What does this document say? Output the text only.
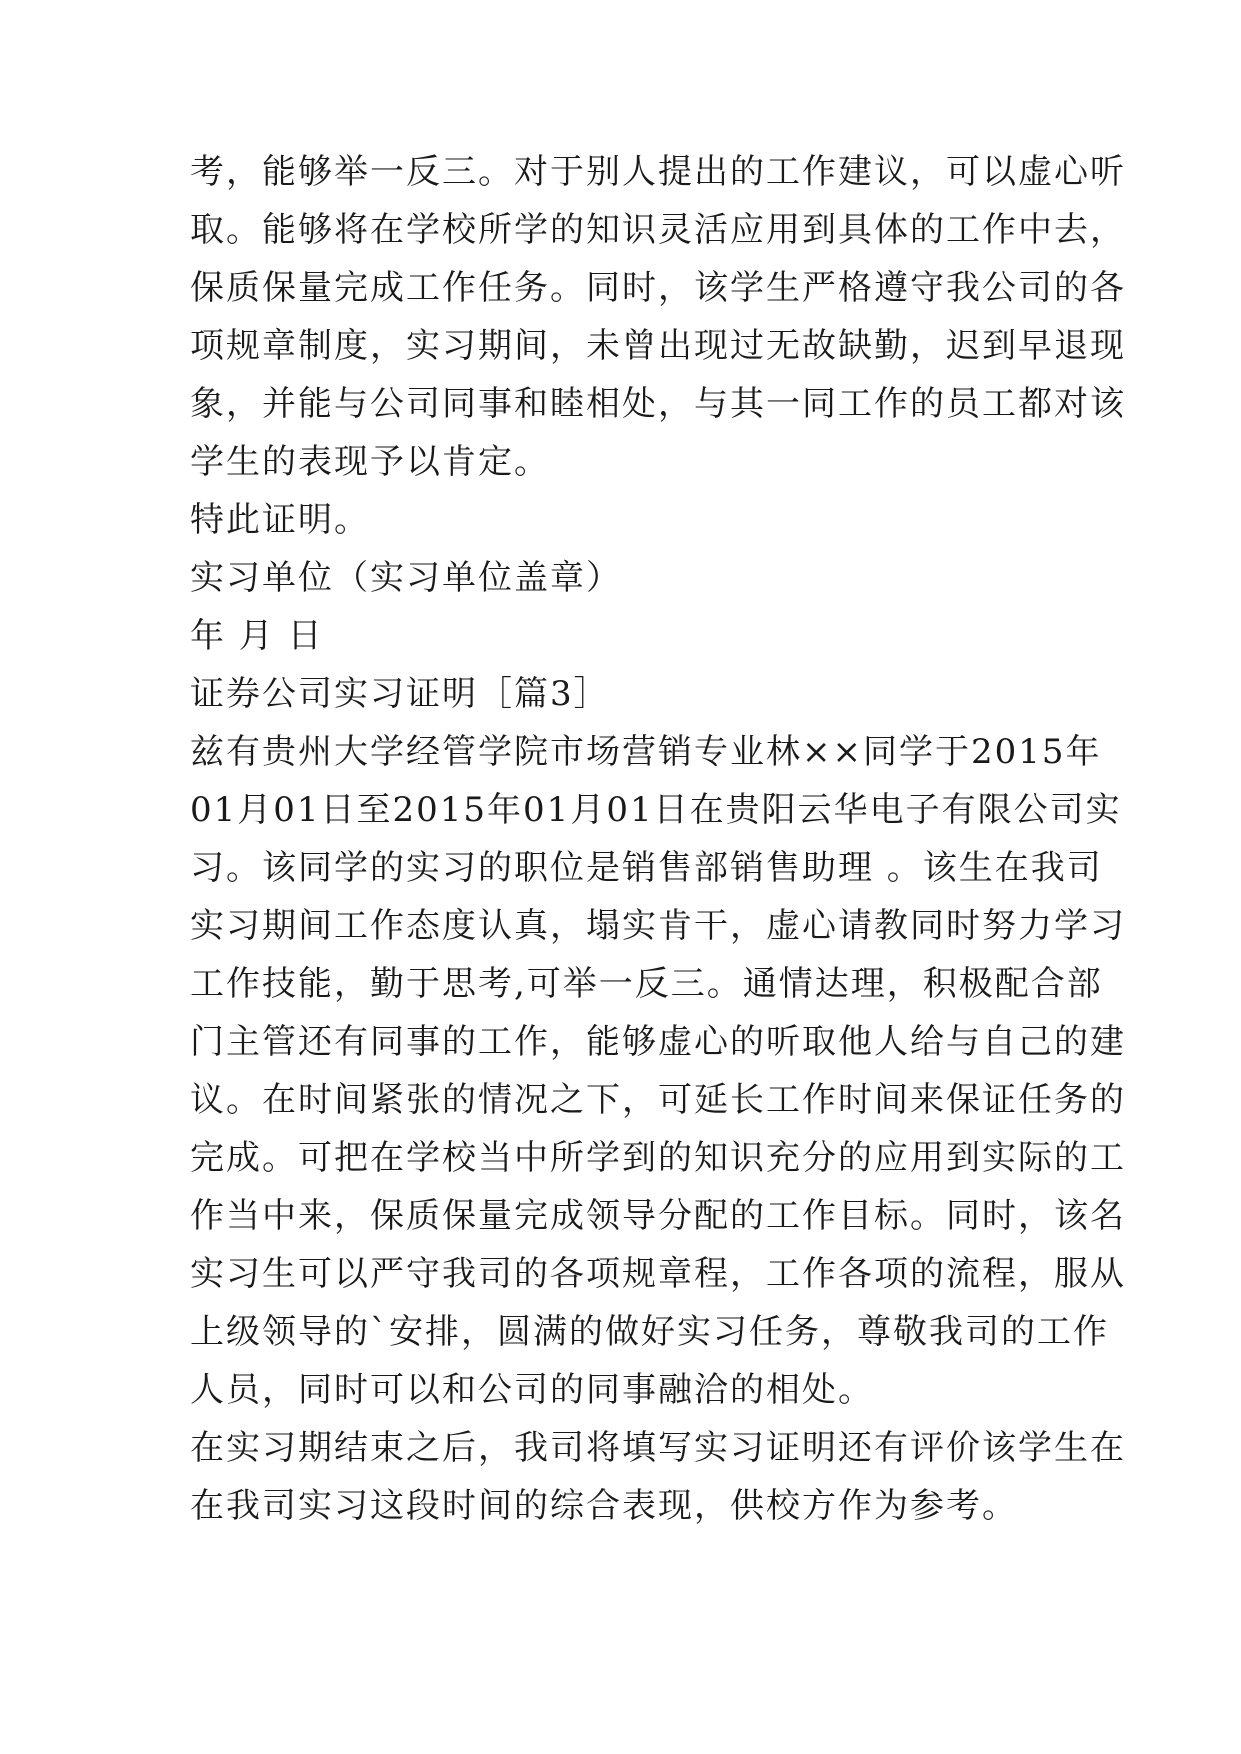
考，能够举一反三。对于别人提出的工作建议，可以虚心听
取。能够将在学校所学的知识灵活应用到具体的工作中去，
保质保量完成工作任务。同时，该学生严格遵守我公司的各
项规章制度，实习期间，未曾出现过无故缺勤，迟到早退现
象，并能与公司同事和睦相处，与其一同工作的员工都对该
学生的表现予以肯定。
特此证明。
实习单位（实习单位盖章）
年 月 日
证券公司实习证明［篇3］
兹有贵州大学经管学院市场营销专业林××同学于2015年
01月01日至2015年01月01日在贵阳云华电子有限公司实
习。该同学的实习的职位是销售部销售助理 。该生在我司
实习期间工作态度认真，塌实肯干，虚心请教同时努力学习
工作技能，勤于思考,可举一反三。通情达理，积极配合部
门主管还有同事的工作，能够虚心的听取他人给与自己的建
议。在时间紧张的情况之下，可延长工作时间来保证任务的
完成。可把在学校当中所学到的知识充分的应用到实际的工
作当中来，保质保量完成领导分配的工作目标。同时，该名
实习生可以严守我司的各项规章程，工作各项的流程，服从
上级领导的`安排，圆满的做好实习任务，尊敬我司的工作
人员，同时可以和公司的同事融洽的相处。
在实习期结束之后，我司将填写实习证明还有评价该学生在
在我司实习这段时间的综合表现，供校方作为参考。
